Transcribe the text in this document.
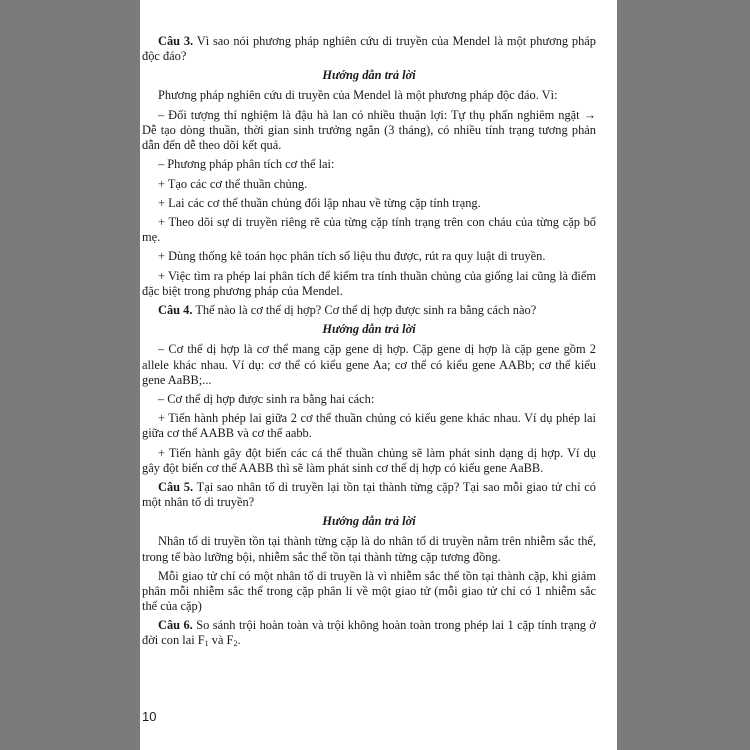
Câu 3. Vì sao nói phương pháp nghiên cứu di truyền của Mendel là một phương pháp độc đáo?

Hướng dẫn trả lời

Phương pháp nghiên cứu di truyền của Mendel là một phương pháp độc đáo. Vì:

– Đối tượng thí nghiệm là đậu hà lan có nhiều thuận lợi: Tự thụ phấn nghiêm ngặt → Dễ tạo dòng thuần, thời gian sinh trưởng ngắn (3 tháng), có nhiều tính trạng tương phản dẫn đến dễ theo dõi kết quả.

– Phương pháp phân tích cơ thể lai:

+ Tạo các cơ thể thuần chủng.

+ Lai các cơ thể thuần chủng đối lập nhau về từng cặp tính trạng.

+ Theo dõi sự di truyền riêng rẽ của từng cặp tính trạng trên con cháu của từng cặp bố mẹ.

+ Dùng thống kê toán học phân tích số liệu thu được, rút ra quy luật di truyền.

+ Việc tìm ra phép lai phân tích để kiểm tra tính thuần chủng của giống lai cũng là điểm đặc biệt trong phương pháp của Mendel.

Câu 4. Thế nào là cơ thể dị hợp? Cơ thể dị hợp được sinh ra bằng cách nào?

Hướng dẫn trả lời

– Cơ thể dị hợp là cơ thể mang cặp gene dị hợp. Cặp gene dị hợp là cặp gene gồm 2 allele khác nhau. Ví dụ: cơ thể có kiểu gene Aa; cơ thể có kiểu gene AABb; cơ thể kiểu gene AaBB;...

– Cơ thể dị hợp được sinh ra bằng hai cách:

+ Tiến hành phép lai giữa 2 cơ thể thuần chủng có kiểu gene khác nhau. Ví dụ phép lai giữa cơ thể AABB và cơ thể aabb.

+ Tiến hành gây đột biến các cá thể thuần chủng sẽ làm phát sinh dạng dị hợp. Ví dụ gây đột biến cơ thể AABB thì sẽ làm phát sinh cơ thể dị hợp có kiểu gene AaBB.

Câu 5. Tại sao nhân tố di truyền lại tồn tại thành từng cặp? Tại sao mỗi giao tử chỉ có một nhân tố di truyền?

Hướng dẫn trả lời

Nhân tố di truyền tồn tại thành từng cặp là do nhân tố di truyền nằm trên nhiễm sắc thể, trong tế bào lưỡng bội, nhiễm sắc thể tồn tại thành từng cặp tương đồng.

Mỗi giao tử chỉ có một nhân tố di truyền là vì nhiễm sắc thể tồn tại thành cặp, khi giảm phân mỗi nhiễm sắc thể trong cặp phân li về một giao tử (mỗi giao tử chỉ có 1 nhiễm sắc thể của cặp)

Câu 6. So sánh trội hoàn toàn và trội không hoàn toàn trong phép lai 1 cặp tính trạng ở đời con lai $F_1$ và $F_2$.

10
